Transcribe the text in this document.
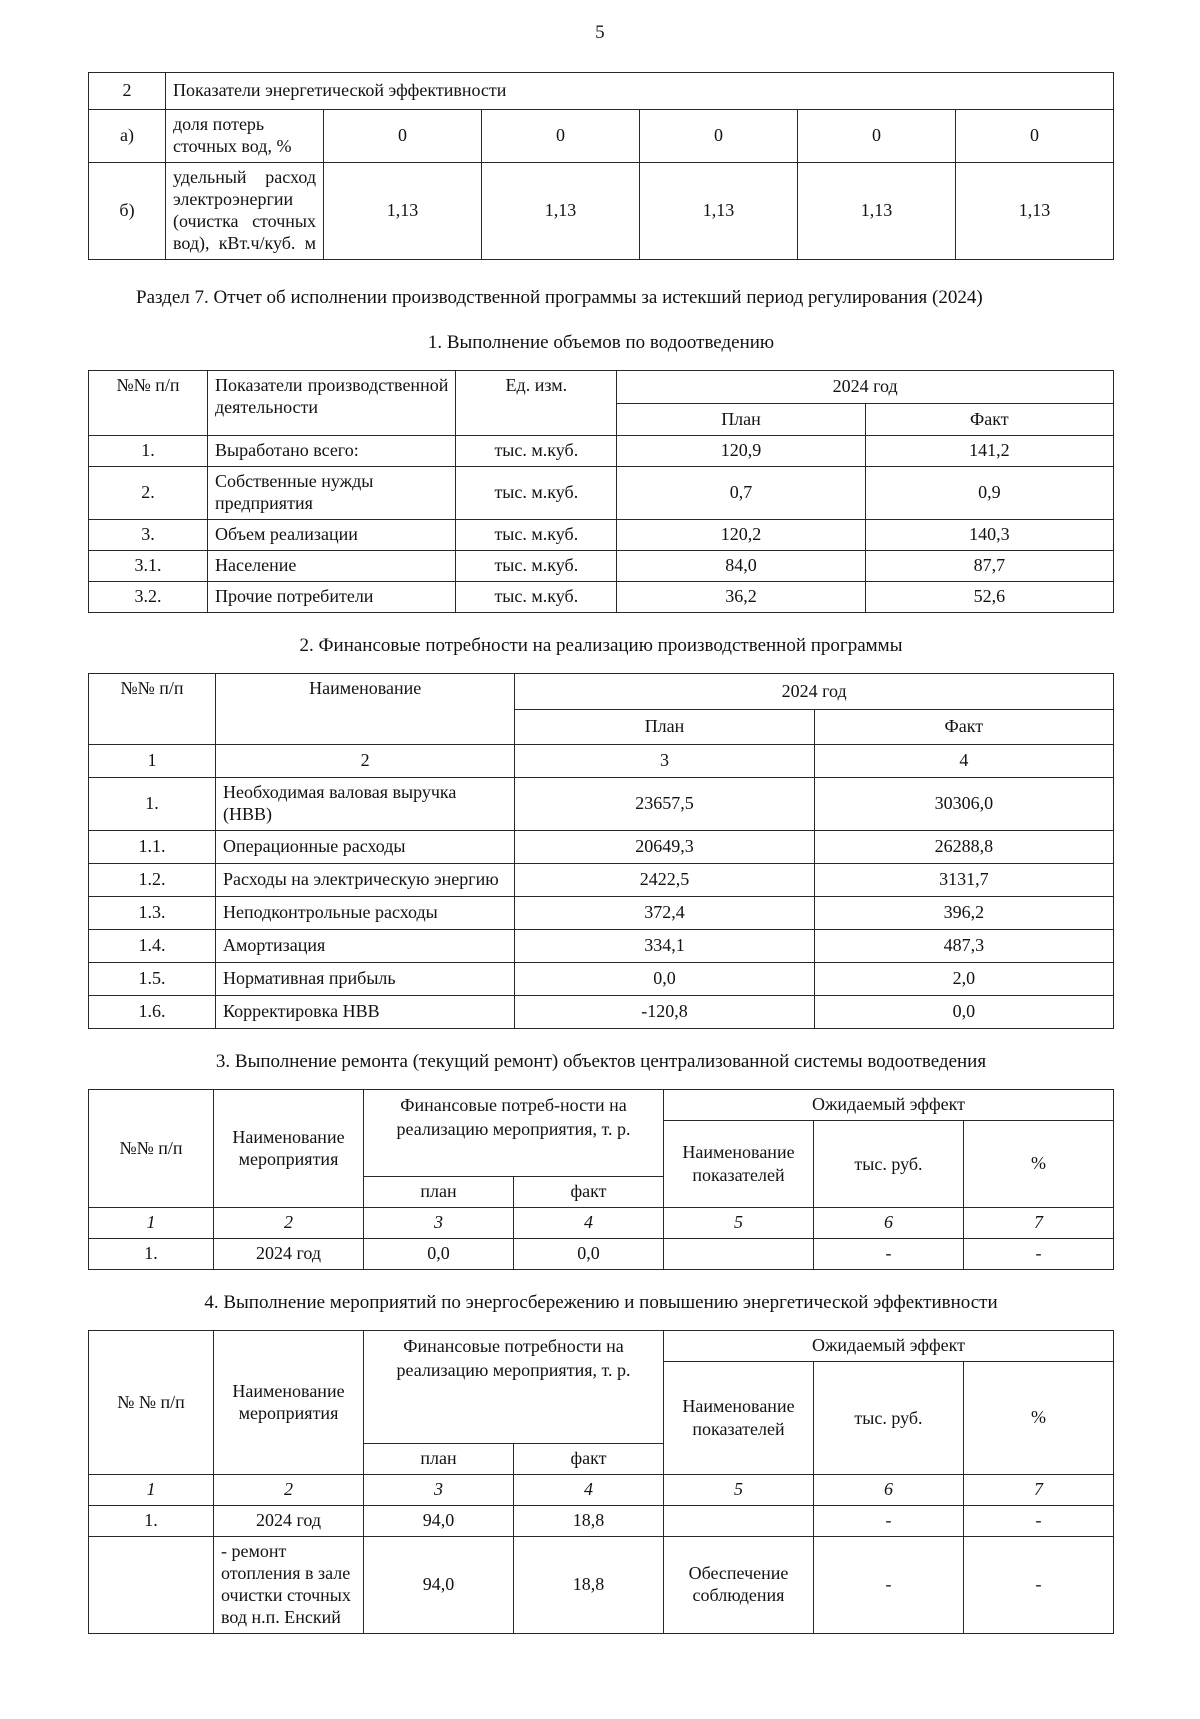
5
2	Показатели энергетической эффективности					
а)	доля потерь сточных вод, %	0	0	0	0	0
б)	удельный расход электроэнергии (очистка сточных вод), кВт.ч/куб. м	1,13	1,13	1,13	1,13	1,13

Раздел 7. Отчет об исполнении производственной программы за истекший период регулирования (2024)

1. Выполнение объемов по водоотведению

№№ п/п	Показатели производственной деятельности	Ед. изм.	2024 год	
			План	Факт
1.	Выработано всего:	тыс. м.куб.	120,9	141,2
2.	Собственные нужды предприятия	тыс. м.куб.	0,7	0,9
3.	Объем реализации	тыс. м.куб.	120,2	140,3
3.1.	Население	тыс. м.куб.	84,0	87,7
3.2.	Прочие потребители	тыс. м.куб.	36,2	52,6

2. Финансовые потребности на реализацию производственной программы

№№ п/п	Наименование	2024 год	
		План	Факт
1	2	3	4
1.	Необходимая валовая выручка (НВВ)	23657,5	30306,0
1.1.	Операционные расходы	20649,3	26288,8
1.2.	Расходы на электрическую энергию	2422,5	3131,7
1.3.	Неподконтрольные расходы	372,4	396,2
1.4.	Амортизация	334,1	487,3
1.5.	Нормативная прибыль	0,0	2,0
1.6.	Корректировка НВВ	-120,8	0,0

3. Выполнение ремонта (текущий ремонт) объектов централизованной системы водоотведения

№№ п/п	Наименование мероприятия	Финансовые потреб-ности на реализацию мероприятия, т. р.		Ожидаемый эффект		
				Наименование показателей	тыс. руб.	%
		план	факт			
1	2	3	4	5	6	7
1.	2024 год	0,0	0,0		-	-

4. Выполнение мероприятий по энергосбережению и повышению энергетической эффективности

№ № п/п	Наименование мероприятия	Финансовые потребности на реализацию мероприятия, т. р.		Ожидаемый эффект		
				Наименование показателей	тыс. руб.	%
		план	факт			
1	2	3	4	5	6	7
1.	2024 год	94,0	18,8		-	-
	- ремонт отопления в зале очистки сточных вод н.п. Енский	94,0	18,8	Обеспечение соблюдения	-	-
